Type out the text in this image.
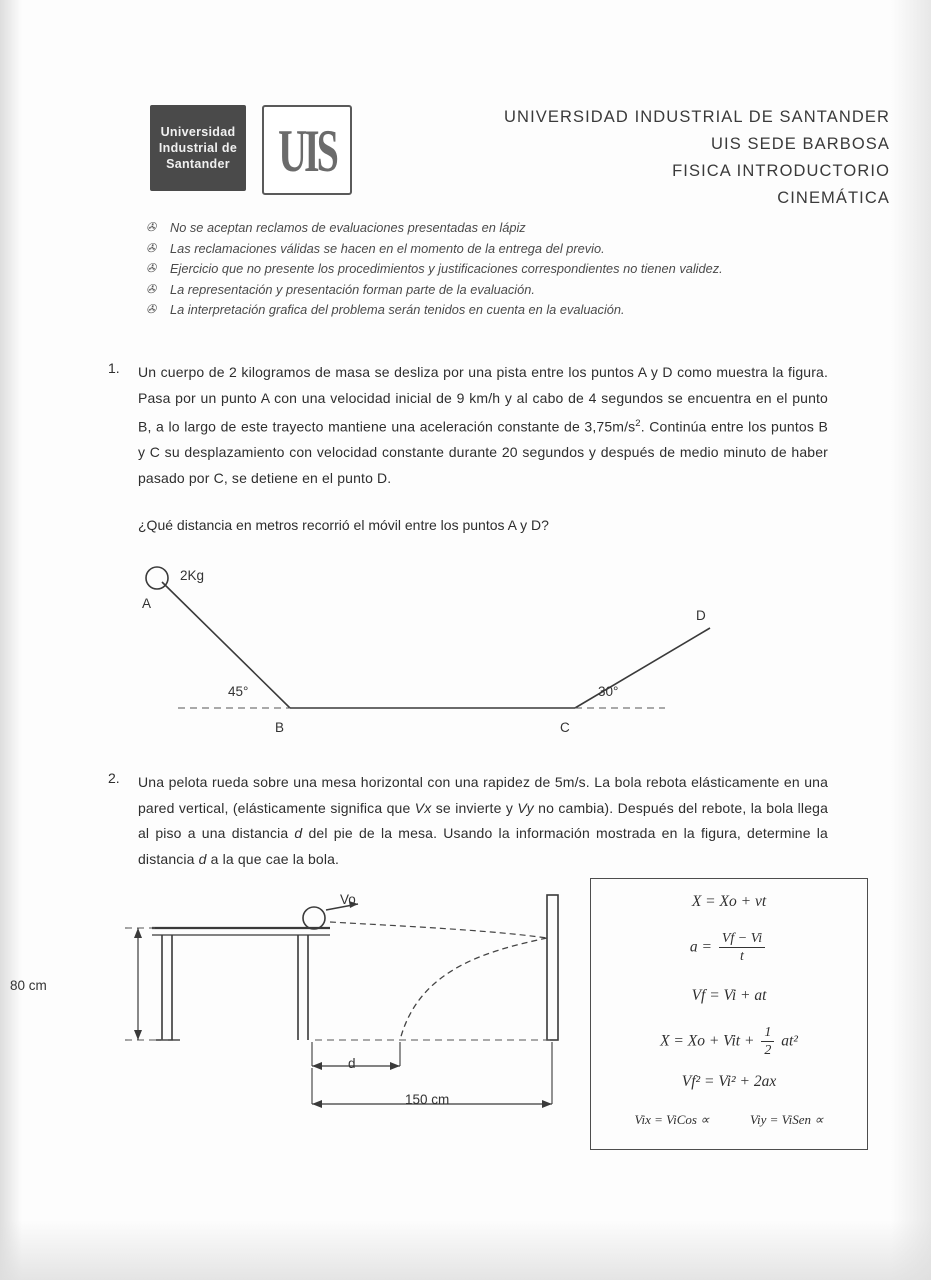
Universidad
Industrial de
Santander UIS	UNIVERSIDAD INDUSTRIAL DE SANTANDER
UIS SEDE BARBOSA
FISICA INTRODUCTORIO
CINEMÁTICA
✇ No se aceptan reclamos de evaluaciones presentadas en lápiz
✇ Las reclamaciones válidas se hacen en el momento de la entrega del previo.
✇ Ejercicio que no presente los procedimientos y justificaciones correspondientes no tienen validez.
✇ La representación y presentación forman parte de la evaluación.
✇ La interpretación grafica del problema serán tenidos en cuenta en la evaluación.
1. Un cuerpo de 2 kilogramos de masa se desliza por una pista entre los puntos A y D como muestra la figura. Pasa por un punto A con una velocidad inicial de 9 km/h y al cabo de 4 segundos se encuentra en el punto B, a lo largo de este trayecto mantiene una aceleración constante de $3,75m/s^2$. Continúa entre los puntos B y C su desplazamiento con velocidad constante durante 20 segundos y después de medio minuto de haber pasado por C, se detiene en el punto D.
¿Qué distancia en metros recorrió el móvil entre los puntos A y D?
2Kg
A
B	C
D
45°	30°
2. Una pelota rueda sobre una mesa horizontal con una rapidez de 5m/s. La bola rebota elásticamente en una pared vertical, (elásticamente significa que Vx se invierte y Vy no cambia). Después del rebote, la bola llega al piso a una distancia d del pie de la mesa. Usando la información mostrada en la figura, determine la distancia d a la que cae la bola.
Vo
80 cm
d
150 cm
X = Xo + vt
$a = \frac{Vf - Vi}{t}$
Vf = Vi + at
X = Xo + Vit + $\frac{1}{2} at^2$
Vf² = Vi² + 2ax
Vix = ViCos ∝	Viy = ViSen ∝
